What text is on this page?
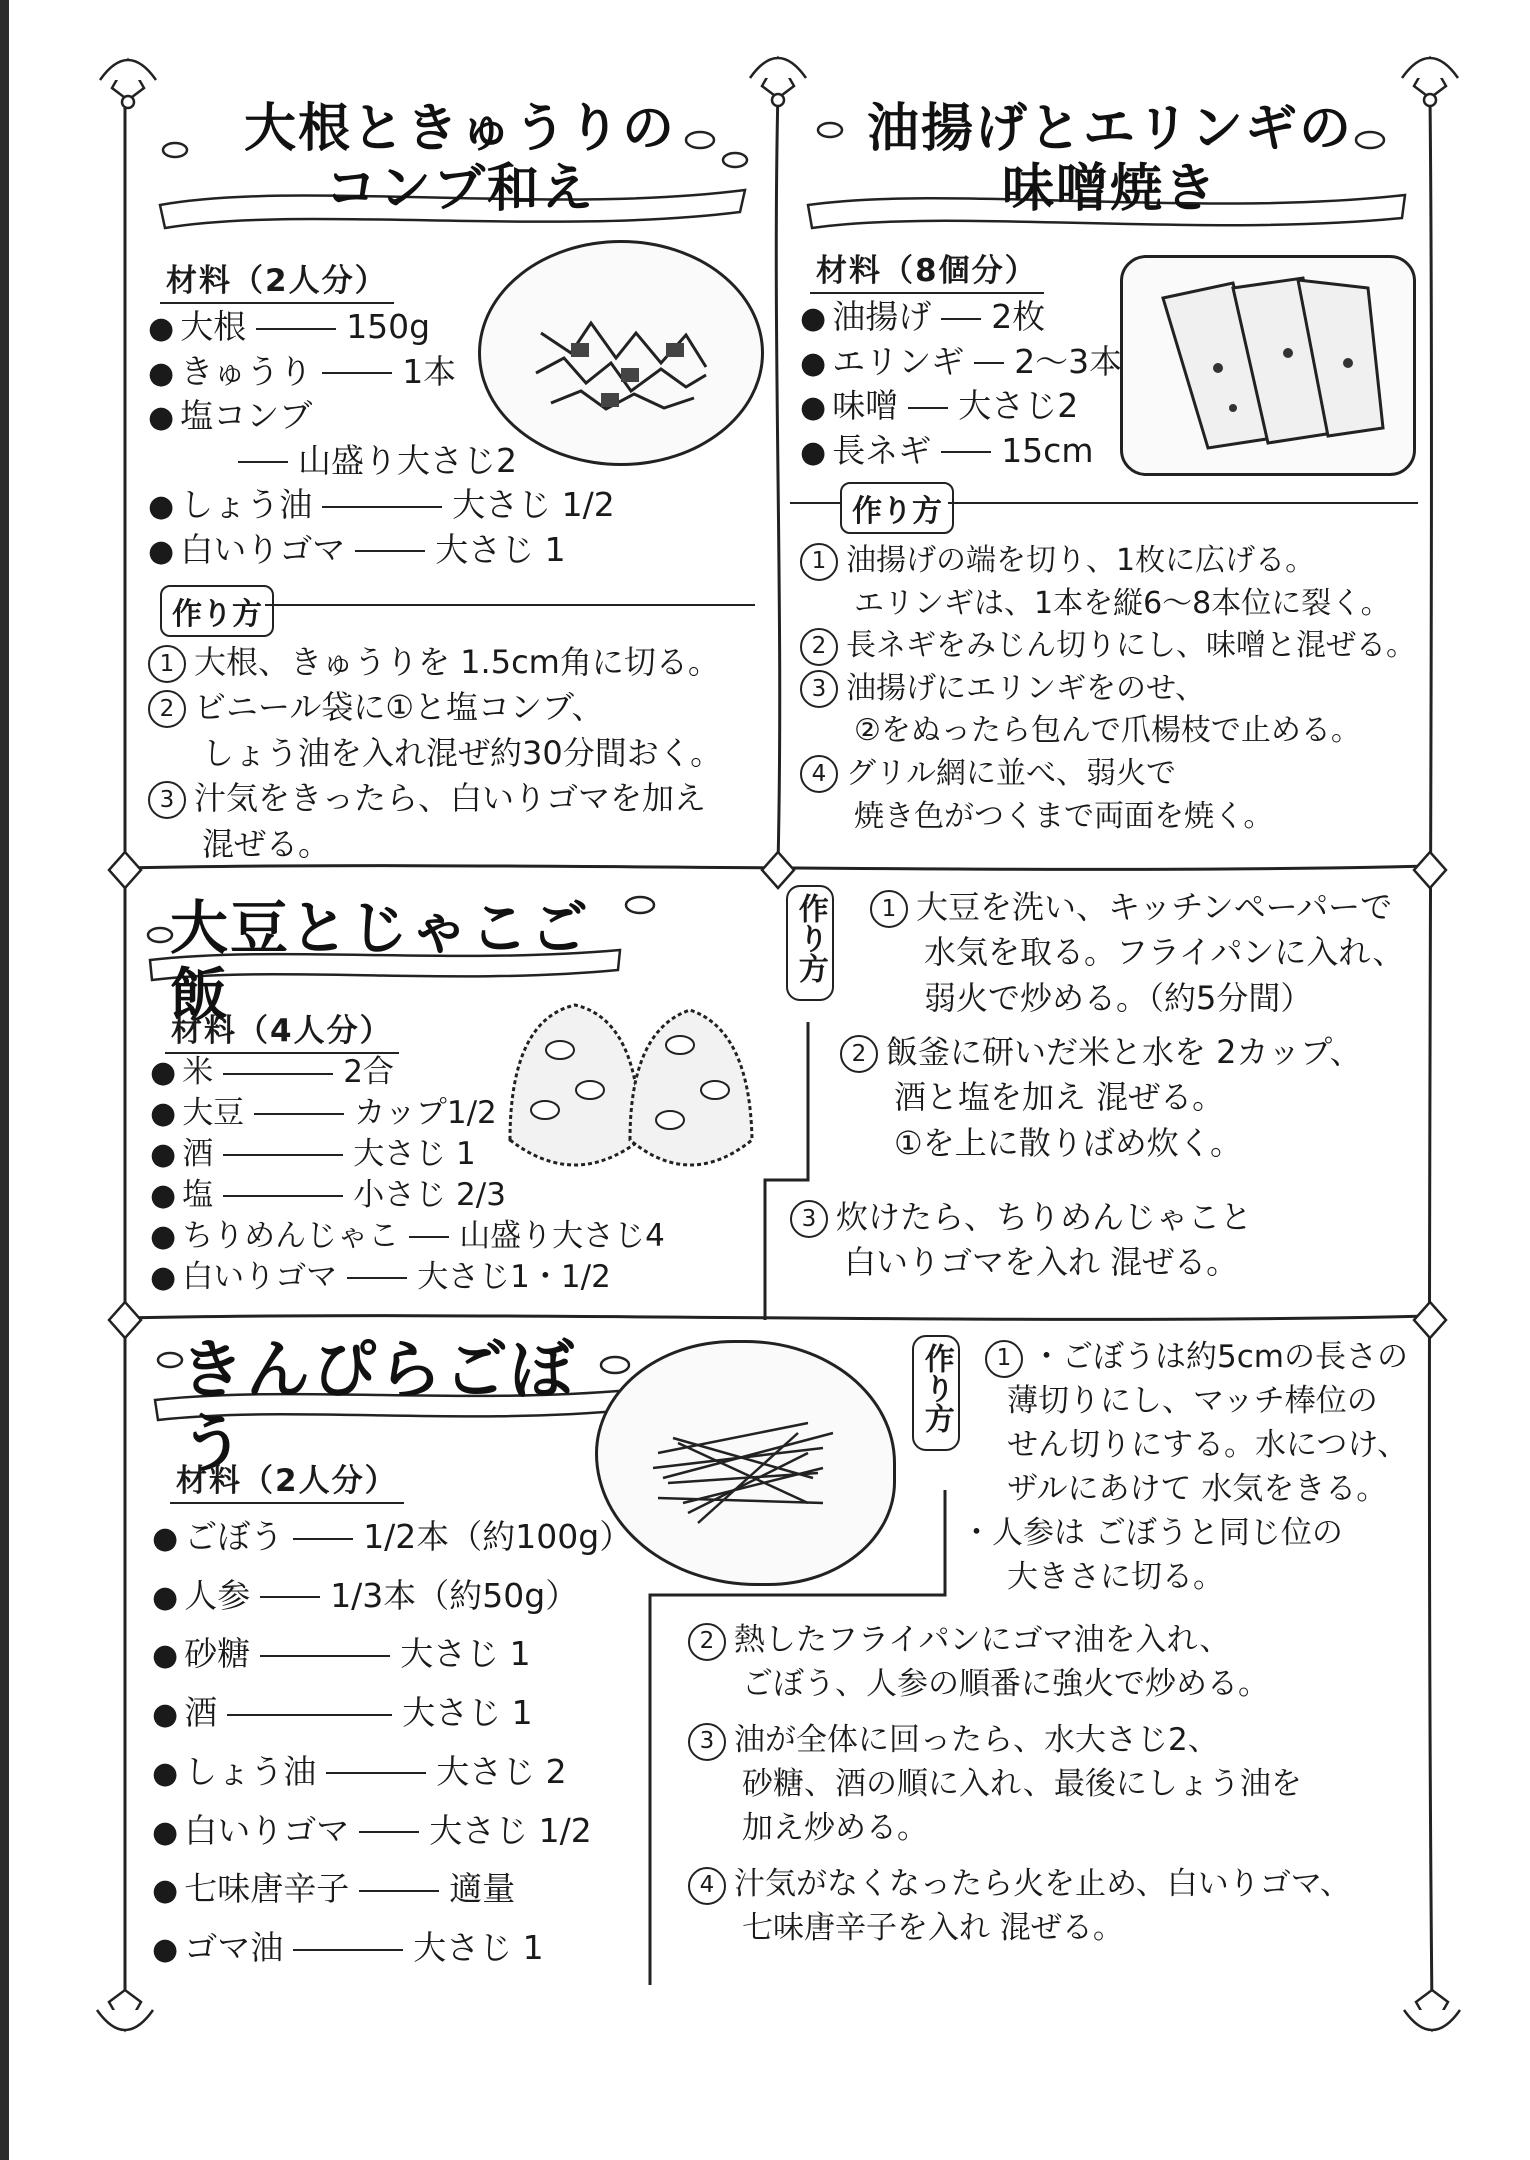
大根ときゅうりの
コンブ和え
材料（2人分）
● 大根	150g
● きゅうり	1本
● 塩コンブ
山盛り大さじ2
● しょう油	大さじ 1/2
● 白いりゴマ	大さじ 1
作り方
1 大根、きゅうりを 1.5cm角に切る。
2 ビニール袋に①と塩コンブ、
しょう油を入れ混ぜ約30分間おく。
3 汁気をきったら、白いりゴマを加え
混ぜる。
油揚げとエリンギの
味噌焼き
材料（8個分）
● 油揚げ 2枚
● エリンギ 2〜3本
● 味噌 大さじ2
● 長ネギ 15cm
作り方
1 油揚げの端を切り、1枚に広げる。
エリンギは、1本を縦6〜8本位に裂く。
2 長ネギをみじん切りにし、味噌と混ぜる。
3 油揚げにエリンギをのせ、
②をぬったら包んで爪楊枝で止める。
4 グリル網に並べ、弱火で
焼き色がつくまで両面を焼く。
大豆とじゃこご飯
材料（4人分）
● 米	2合
● 大豆	カップ1/2
● 酒	大さじ 1
● 塩	小さじ 2/3
● ちりめんじゃこ 山盛り大さじ4
● 白いりゴマ	大さじ1・1/2
作り方	1 大豆を洗い、キッチンペーパーで
水気を取る。フライパンに入れ、
弱火で炒める。（約5分間）
2 飯釜に研いだ米と水を 2カップ、
酒と塩を加え 混ぜる。
①を上に散りばめ炊く。
3 炊けたら、ちりめんじゃこと
白いりゴマを入れ 混ぜる。
きんぴらごぼう
材料（2人分）
● ごぼう 1/2本（約100g）
● 人参 1/3本（約50g）
● 砂糖	大さじ 1
● 酒	大さじ 1
● しょう油	大さじ 2
● 白いりゴマ 大さじ 1/2
● 七味唐辛子	適量
● ゴマ油	大さじ 1
作り方	1 ・ごぼうは約5cmの長さの
薄切りにし、マッチ棒位の
せん切りにする。水につけ、
ザルにあけて 水気をきる。
・人参は ごぼうと同じ位の
大きさに切る。
2 熱したフライパンにゴマ油を入れ、
ごぼう、人参の順番に強火で炒める。
3 油が全体に回ったら、水大さじ2、
砂糖、酒の順に入れ、最後にしょう油を
加え炒める。
4 汁気がなくなったら火を止め、白いりゴマ、
七味唐辛子を入れ 混ぜる。
